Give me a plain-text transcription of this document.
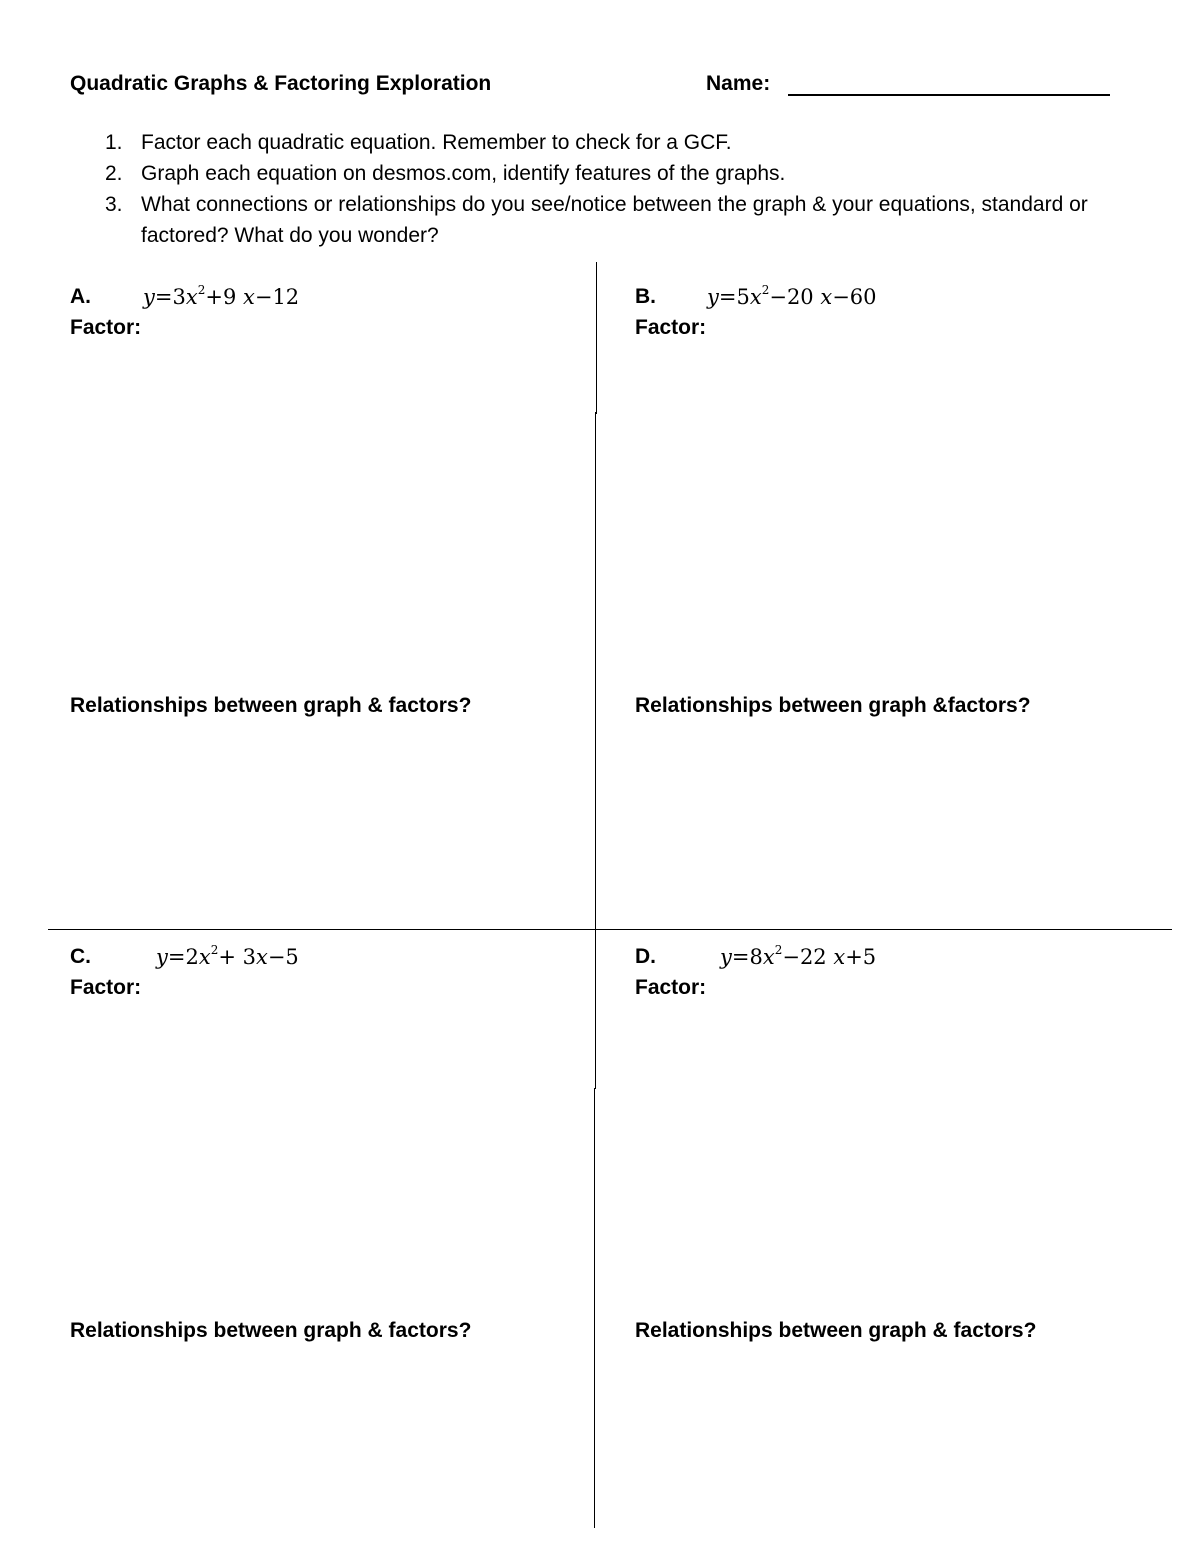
Quadratic Graphs & Factoring Exploration	Name:
1. Factor each quadratic equation. Remember to check for a GCF.
2. Graph each equation on desmos.com, identify features of the graphs.
3. What connections or relationships do you see/notice between the graph & your equations, standard or factored? What do you wonder?
A. $y=3x^2+9$ x−12
Factor:
Relationships between graph & factors?
B. $y=5x^2-20$ x−60
Factor:
Relationships between graph &factors?
C.	$y=2x^2+ 3x-5$
Factor:
Relationships between graph & factors?
D.	$y=8x^2-22$ x+5
Factor:
Relationships between graph & factors?
